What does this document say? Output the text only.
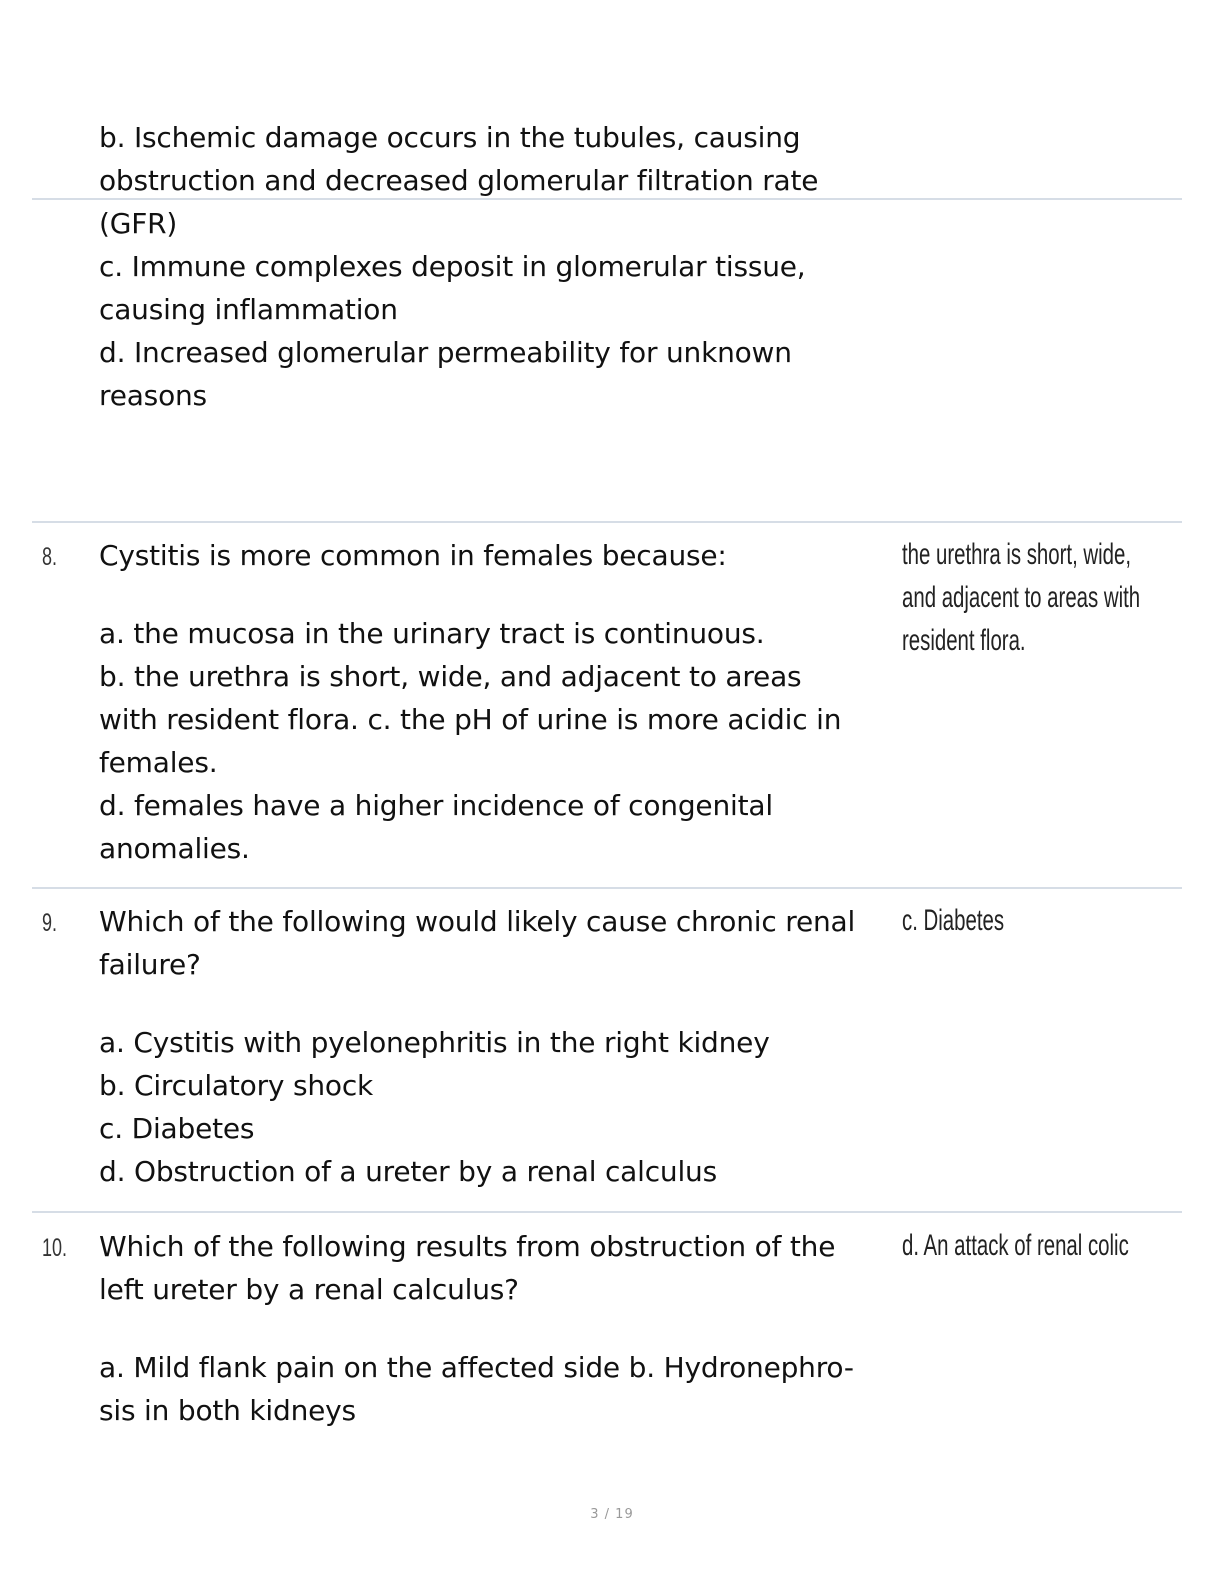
b. Ischemic damage occurs in the tubules, causing

obstruction and decreased glomerular filtration rate

(GFR)

c. Immune complexes deposit in glomerular tissue,

causing inflammation

d. Increased glomerular permeability for unknown

reasons

8. Cystitis is more common in females because:

a. the mucosa in the urinary tract is continuous.

b. the urethra is short, wide, and adjacent to areas

with resident flora. c. the pH of urine is more acidic in

females.

d. females have a higher incidence of congenital

anomalies.

the urethra is short, wide,

and adjacent to areas with

resident flora.

9. Which of the following would likely cause chronic renal

failure?

a. Cystitis with pyelonephritis in the right kidney

b. Circulatory shock

c. Diabetes

d. Obstruction of a ureter by a renal calculus

c. Diabetes

10. Which of the following results from obstruction of the

left ureter by a renal calculus?

a. Mild flank pain on the affected side b. Hydronephro-

sis in both kidneys

d. An attack of renal colic

3 / 19
